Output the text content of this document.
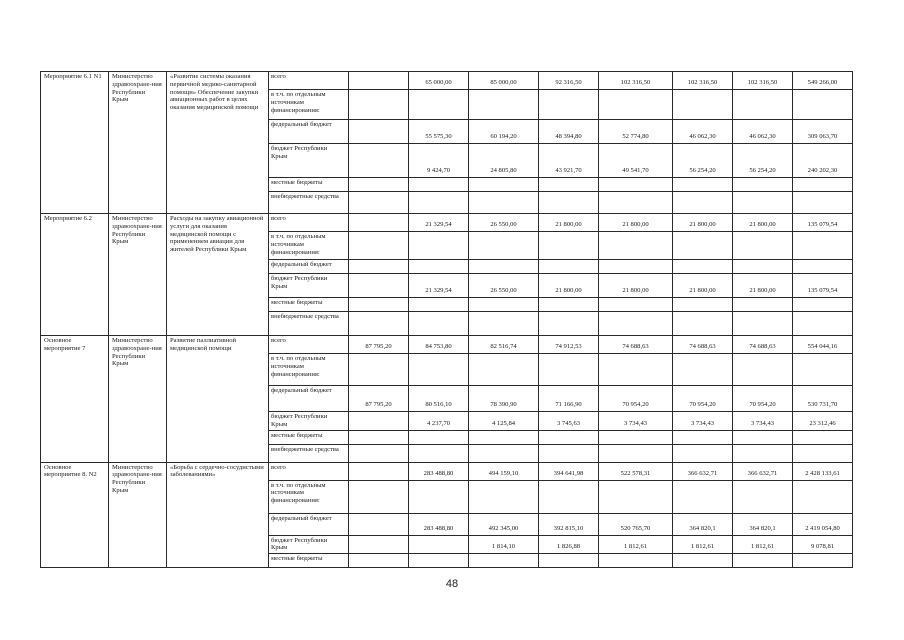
Мероприятие 6.1 N1	Министерство здравоохране-ния Республики Крым	«Развитие системы оказания первичной медико-санитарной помощи» Обеспечение закупки авиационных работ в целях оказания медицинской помощи	всего		65 000,00	85 000,00	92 316,50	102 316,50	102 316,50	102 316,50	549 266,00
			в т.ч. по отдельным источникам финансирования:								
			федеральный бюджет		55 575,30	60 194,20	48 394,80	52 774,80	46 062,30	46 062,30	309 063,70
			бюджет Республики Крым		9 424,70	24 805,80	43 921,70	49 541,70	56 254,20	56 254,20	240 202,30
			местные бюджеты								
			внебюджетные средства								
Мероприятие 6.2	Министерство здравоохране-ния Республики Крым	Расходы на закупку авиационной услуги для оказания медицинской помощи с применением авиации для жителей Республики Крым	всего		21 329,54	26 550,00	21 800,00	21 800,00	21 800,00	21 800,00	135 079,54
			в т.ч. по отдельным источникам финансирования:								
			федеральный бюджет								
			бюджет Республики Крым		21 329,54	26 550,00	21 800,00	21 800,00	21 800,00	21 800,00	135 079,54
			местные бюджеты								
			внебюджетные средства								
Основное мероприятие 7	Министерство здравоохране-ния Республики Крым	Развитие паллиативной медицинской помощи	всего	87 795,20	84 753,80	82 516,74	74 912,53	74 688,63	74 688,63	74 688,63	554 044,16
			в т.ч. по отдельным источникам финансирования:								
			федеральный бюджет	87 795,20	80 516,10	78 390,90	71 166,90	70 954,20	70 954,20	70 954,20	530 731,70
			бюджет Республики Крым		4 237,70	4 125,84	3 745,63	3 734,43	3 734,43	3 734,43	23 312,46
			местные бюджеты								
			внебюджетные средства								
Основное мероприятие 8. N2	Министерство здравоохране-ния Республики Крым	«Борьба с сердечно-сосудистыми заболеваниями»	всего		283 488,80	494 159,10	394 641,98	522 578,31	366 632,71	366 632,71	2 428 133,61
			в т.ч. по отдельным источникам финансирования:								
			федеральный бюджет		283 488,80	492 345,00	392 815,10	520 765,70	364 820,1	364 820,1	2 419 054,80
			бюджет Республики Крым			1 814,10	1 826,88	1 812,61	1 812,61	1 812,61	9 078,81
			местные бюджеты								
48
